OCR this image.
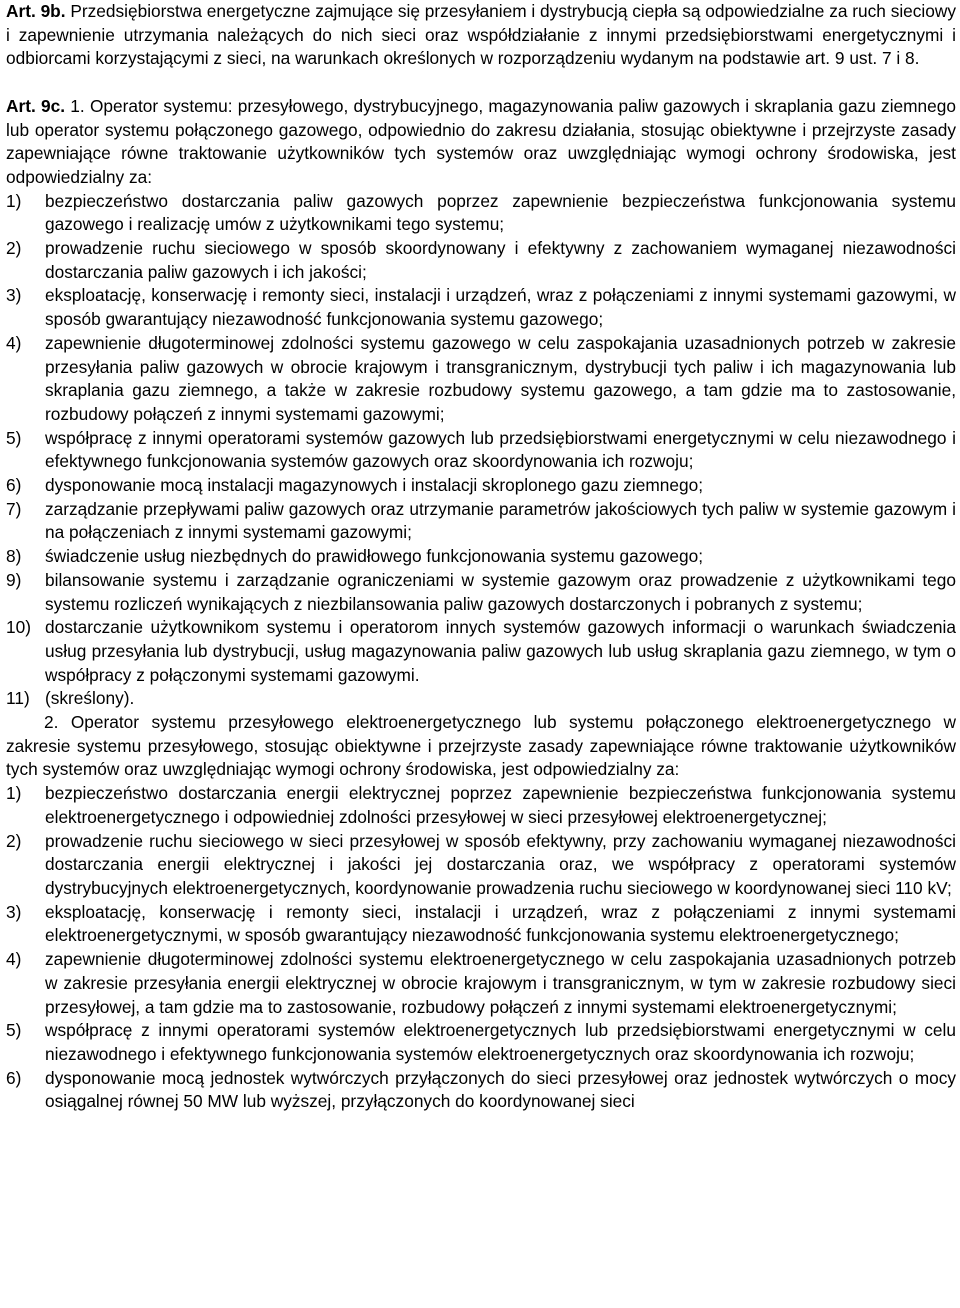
Art. 9b. Przedsiębiorstwa energetyczne zajmujące się przesyłaniem i dystrybucją ciepła są odpowiedzialne za ruch sieciowy i zapewnienie utrzymania należących do nich sieci oraz współdziałanie z innymi przedsiębiorstwami energetycznymi i odbiorcami korzystającymi z sieci, na warunkach określonych w rozporządzeniu wydanym na podstawie art. 9 ust. 7 i 8.

Art. 9c. 1. Operator systemu: przesyłowego, dystrybucyjnego, magazynowania paliw gazowych i skraplania gazu ziemnego lub operator systemu połączonego gazowego, odpowiednio do zakresu działania, stosując obiektywne i przejrzyste zasady zapewniające równe traktowanie użytkowników tych systemów oraz uwzględniając wymogi ochrony środowiska, jest odpowiedzialny za:

1)	bezpieczeństwo dostarczania paliw gazowych poprzez zapewnienie bezpieczeństwa funkcjonowania systemu gazowego i realizację umów z użytkownikami tego systemu;
2)	prowadzenie ruchu sieciowego w sposób skoordynowany i efektywny z zachowaniem wymaganej niezawodności dostarczania paliw gazowych i ich jakości;
3)	eksploatację, konserwację i remonty sieci, instalacji i urządzeń, wraz z połączeniami z innymi systemami gazowymi, w sposób gwarantujący niezawodność funkcjonowania systemu gazowego;
4)	zapewnienie długoterminowej zdolności systemu gazowego w celu zaspokajania uzasadnionych potrzeb w zakresie przesyłania paliw gazowych w obrocie krajowym i transgranicznym, dystrybucji tych paliw i ich magazynowania lub skraplania gazu ziemnego, a także w zakresie rozbudowy systemu gazowego, a tam gdzie ma to zastosowanie, rozbudowy połączeń z innymi systemami gazowymi;
5)	współpracę z innymi operatorami systemów gazowych lub przedsiębiorstwami energetycznymi w celu niezawodnego i efektywnego funkcjonowania systemów gazowych oraz skoordynowania ich rozwoju;
6)	dysponowanie mocą instalacji magazynowych i instalacji skroplonego gazu ziemnego;
7)	zarządzanie przepływami paliw gazowych oraz utrzymanie parametrów jakościowych tych paliw w systemie gazowym i na połączeniach z innymi systemami gazowymi;
8)	świadczenie usług niezbędnych do prawidłowego funkcjonowania systemu gazowego;
9)	bilansowanie systemu i zarządzanie ograniczeniami w systemie gazowym oraz prowadzenie z użytkownikami tego systemu rozliczeń wynikających z niezbilansowania paliw gazowych dostarczonych i pobranych z systemu;
10) dostarczanie użytkownikom systemu i operatorom innych systemów gazowych informacji o warunkach świadczenia usług przesyłania lub dystrybucji, usług magazynowania paliw gazowych lub usług skraplania gazu ziemnego, w tym o współpracy z połączonymi systemami gazowymi.
11) (skreślony).

2. Operator systemu przesyłowego elektroenergetycznego lub systemu połączonego elektroenergetycznego w zakresie systemu przesyłowego, stosując obiektywne i przejrzyste zasady zapewniające równe traktowanie użytkowników tych systemów oraz uwzględniając wymogi ochrony środowiska, jest odpowiedzialny za:

1)	bezpieczeństwo dostarczania energii elektrycznej poprzez zapewnienie bezpieczeństwa funkcjonowania systemu elektroenergetycznego i odpowiedniej zdolności przesyłowej w sieci przesyłowej elektroenergetycznej;
2)	prowadzenie ruchu sieciowego w sieci przesyłowej w sposób efektywny, przy zachowaniu wymaganej niezawodności dostarczania energii elektrycznej i jakości jej dostarczania oraz, we współpracy z operatorami systemów dystrybucyjnych elektroenergetycznych, koordynowanie prowadzenia ruchu sieciowego w koordynowanej sieci 110 kV;
3)	eksploatację, konserwację i remonty sieci, instalacji i urządzeń, wraz z połączeniami z innymi systemami elektroenergetycznymi, w sposób gwarantujący niezawodność funkcjonowania systemu elektroenergetycznego;
4)	zapewnienie długoterminowej zdolności systemu elektroenergetycznego w celu zaspokajania uzasadnionych potrzeb w zakresie przesyłania energii elektrycznej w obrocie krajowym i transgranicznym, w tym w zakresie rozbudowy sieci przesyłowej, a tam gdzie ma to zastosowanie, rozbudowy połączeń z innymi systemami elektroenergetycznymi;
5)	współpracę z innymi operatorami systemów elektroenergetycznych lub przedsiębiorstwami energetycznymi w celu niezawodnego i efektywnego funkcjonowania systemów elektroenergetycznych oraz skoordynowania ich rozwoju;
6)	dysponowanie mocą jednostek wytwórczych przyłączonych do sieci przesyłowej oraz jednostek wytwórczych o mocy osiągalnej równej 50 MW lub wyższej, przyłączonych do koordynowanej sieci
